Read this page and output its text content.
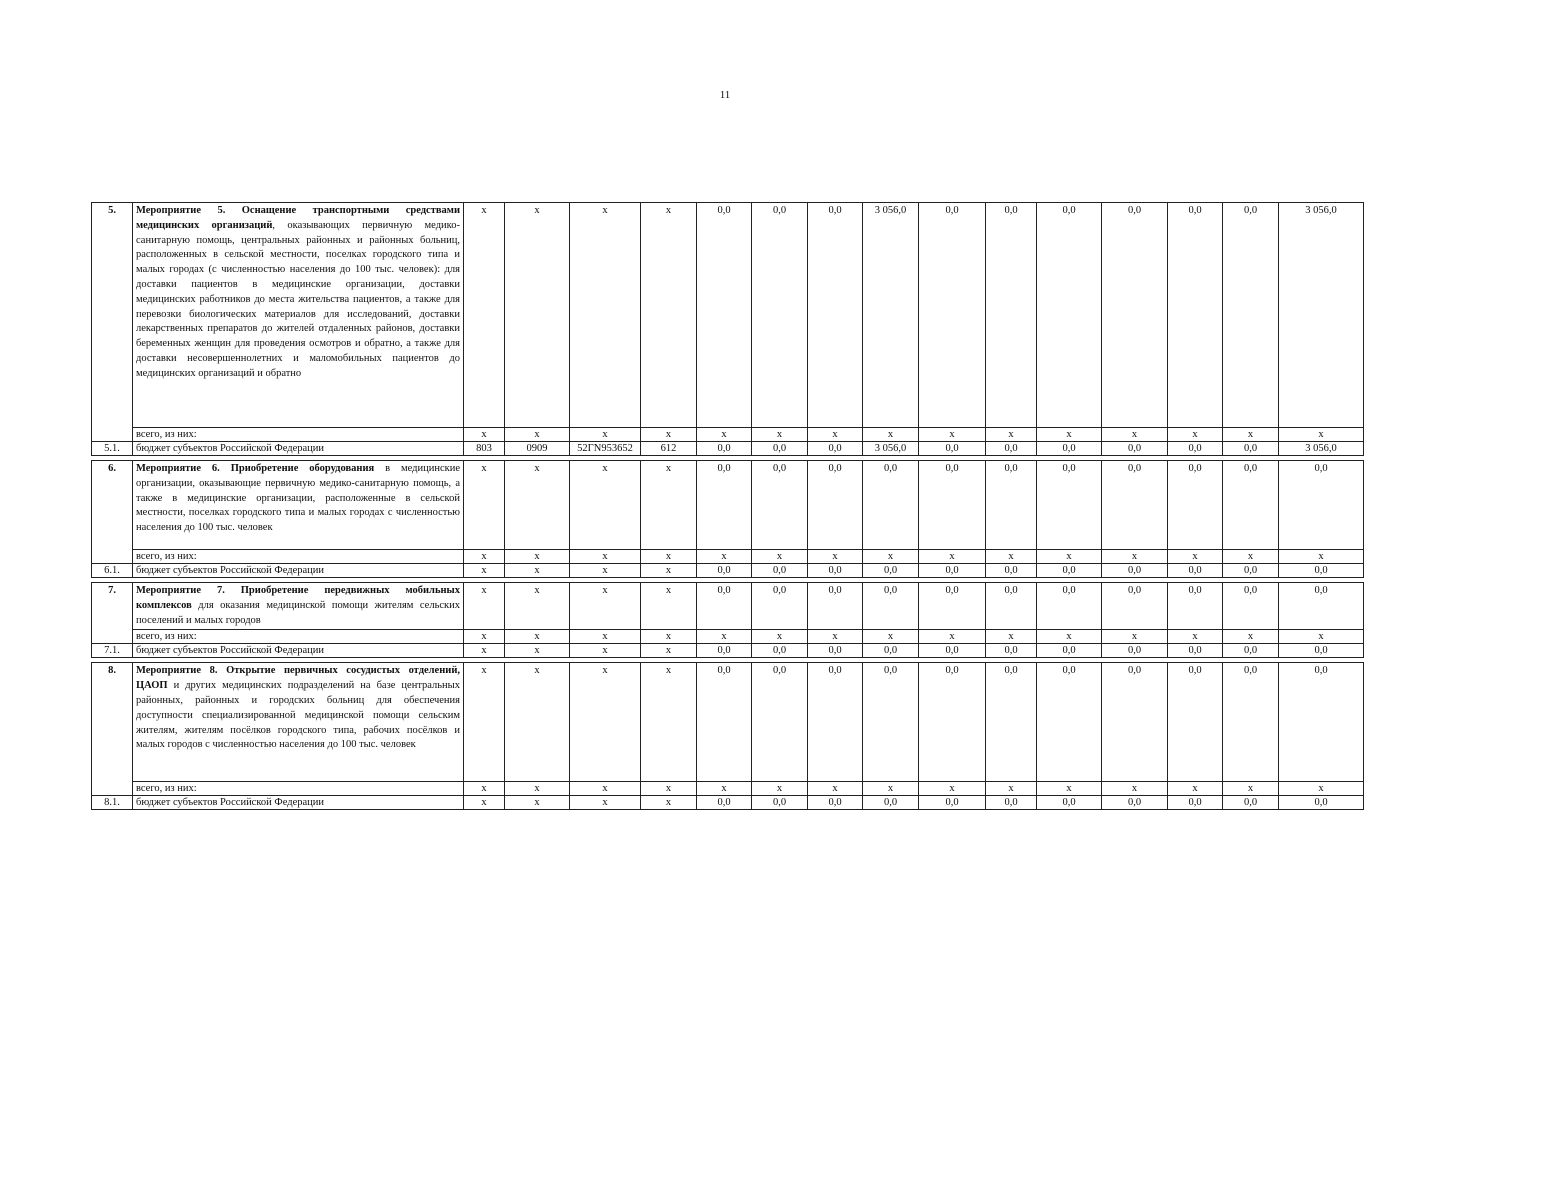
11
5.	Мероприятие 5. Оснащение транспортными средствами медицинских организаций, оказывающих первичную медико-санитарную помощь, центральных районных и районных больниц, расположенных в сельской местности, поселках городского типа и малых городах (с численностью населения до 100 тыс. человек): для доставки пациентов в медицинские организации, доставки медицинских работников до места жительства пациентов, а также для перевозки биологических материалов для исследований, доставки лекарственных препаратов до жителей отдаленных районов, доставки беременных женщин для проведения осмотров и обратно, а также для доставки несовершеннолетних и маломобильных пациентов до медицинских организаций и обратно	x	x	x	x	0,0	0,0	0,0	3 056,0	0,0	0,0	0,0	0,0	0,0	0,0	3 056,0
	всего, из них:	x	x	x	x	x	x	x	x	x	x	x	x	x	x	x
5.1.	бюджет субъектов Российской Федерации	803	0909	52ГN953652	612	0,0	0,0	0,0	3 056,0	0,0	0,0	0,0	0,0	0,0	0,0	3 056,0

6.	Мероприятие 6. Приобретение оборудования в медицинские организации, оказывающие первичную медико-санитарную помощь, а также в медицинские организации, расположенные в сельской местности, поселках городского типа и малых городах с численностью населения до 100 тыс. человек	x	x	x	x	0,0	0,0	0,0	0,0	0,0	0,0	0,0	0,0	0,0	0,0	0,0
	всего, из них:	x	x	x	x	x	x	x	x	x	x	x	x	x	x	x
6.1.	бюджет субъектов Российской Федерации	x	x	x	x	0,0	0,0	0,0	0,0	0,0	0,0	0,0	0,0	0,0	0,0	0,0

7.	Мероприятие 7. Приобретение передвижных мобильных комплексов для оказания медицинской помощи жителям сельских поселений и малых городов	x	x	x	x	0,0	0,0	0,0	0,0	0,0	0,0	0,0	0,0	0,0	0,0	0,0
	всего, из них:	x	x	x	x	x	x	x	x	x	x	x	x	x	x	x
7.1.	бюджет субъектов Российской Федерации	x	x	x	x	0,0	0,0	0,0	0,0	0,0	0,0	0,0	0,0	0,0	0,0	0,0

8.	Мероприятие 8. Открытие первичных сосудистых отделений, ЦАОП и других медицинских подразделений на базе центральных районных, районных и городских больниц для обеспечения доступности специализированной медицинской помощи сельским жителям, жителям посёлков городского типа, рабочих посёлков и малых городов с численностью населения до 100 тыс. человек	x	x	x	x	0,0	0,0	0,0	0,0	0,0	0,0	0,0	0,0	0,0	0,0	0,0
	всего, из них:	x	x	x	x	x	x	x	x	x	x	x	x	x	x	x
8.1.	бюджет субъектов Российской Федерации	x	x	x	x	0,0	0,0	0,0	0,0	0,0	0,0	0,0	0,0	0,0	0,0	0,0
